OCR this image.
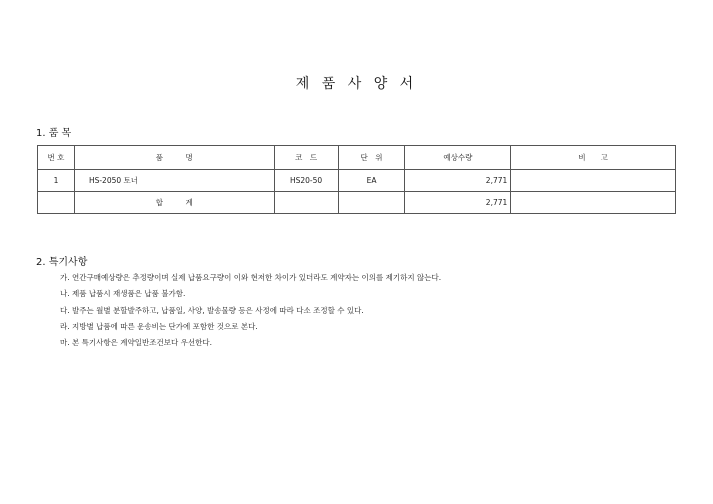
제 품 사 양 서
1. 품 목
번 호	품　　　명	코　드	단　위	예상수량	비　　고
1	HS-2050 토너	HS20-50	EA	2,771	
	합　　　계			2,771	
2. 특기사항
가. 연간구매예상량은 추정량이며 실제 납품요구량이 이와 현저한 차이가 있더라도 계약자는 이의를 제기하지 않는다.
나. 제품 납품시 재생품은 납품 불가함.
다. 발주는 월별 분할발주하고, 납품일, 사양, 발송물량 등은 사정에 따라 다소 조정할 수 있다.
라. 지방별 납품에 따른 운송비는 단가에 포함한 것으로 본다.
마. 본 특기사항은 계약일반조건보다 우선한다.
